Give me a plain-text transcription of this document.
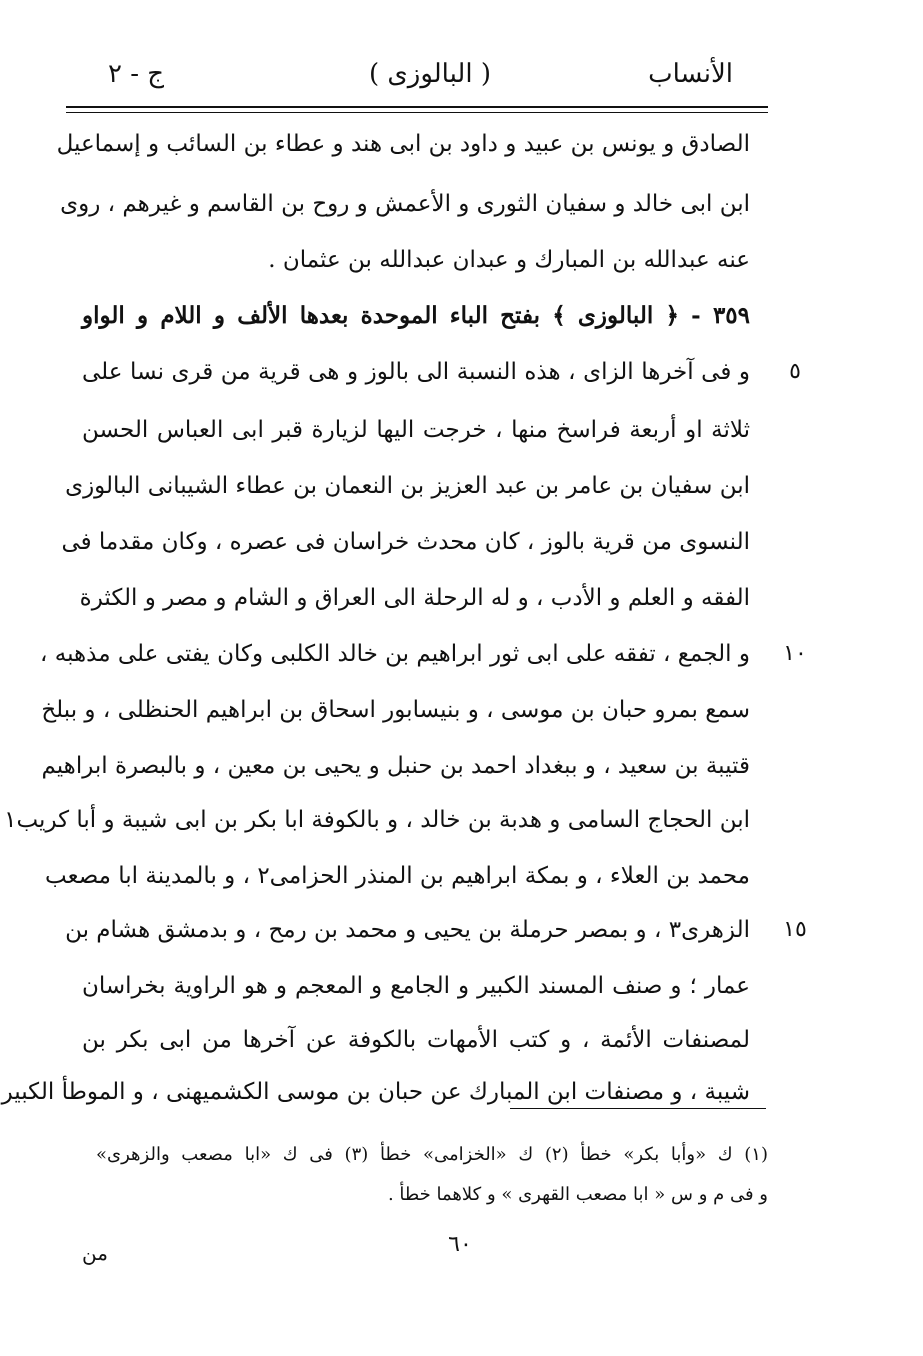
الأنساب
( البالوزى )
ج - ٢
الصادق و يونس بن عبيد و داود بن ابى هند و عطاء بن السائب و إسماعيل
ابن ابى خالد و سفيان الثورى و الأعمش و روح بن القاسم و غيرهم ، روى
عنه عبدالله بن المبارك و عبدان عبدالله بن عثمان .
٣٥٩ - ﴿ البالوزى ﴾ بفتح الباء الموحدة بعدها الألف و اللام و الواو
و فى آخرها الزاى ، هذه النسبة الى بالوز و هى قرية من قرى نسا على
ثلاثة او أربعة فراسخ منها ، خرجت اليها لزيارة قبر ابى العباس الحسن
ابن سفيان بن عامر بن عبد العزيز بن النعمان بن عطاء الشيبانى البالوزى
النسوى من قرية بالوز ، كان محدث خراسان فى عصره ، وكان مقدما فى
الفقه و العلم و الأدب ، و له الرحلة الى العراق و الشام و مصر و الكثرة
و الجمع ، تفقه على ابى ثور ابراهيم بن خالد الكلبى وكان يفتى على مذهبه ،
سمع بمرو حبان بن موسى ، و بنيسابور اسحاق بن ابراهيم الحنظلى ، و ببلخ
قتيبة بن سعيد ، و ببغداد احمد بن حنبل و يحيى بن معين ، و بالبصرة ابراهيم
ابن الحجاج السامى و هدبة بن خالد ، و بالكوفة ابا بكر بن ابى شيبة و أبا كريب١
محمد بن العلاء ، و بمكة ابراهيم بن المنذر الحزامى٢ ، و بالمدينة ابا مصعب
الزهرى٣ ، و بمصر حرملة بن يحيى و محمد بن رمح ، و بدمشق هشام بن
عمار ؛ و صنف المسند الكبير و الجامع و المعجم و هو الراوية بخراسان
لمصنفات الأئمة ، و كتب الأمهات بالكوفة عن آخرها من ابى بكر بن
شيبة ، و مصنفات ابن المبارك عن حبان بن موسى الكشميهنى ، و الموطأ الكبير
٥
١٠
١٥
(١) ك «وأبا بكر» خطأ (٢) ك «الخزامى» خطأ (٣) فى ك «ابا مصعب والزهرى»
و فى م و س « ابا مصعب القهرى » و كلاهما خطأ .
٦٠
من
